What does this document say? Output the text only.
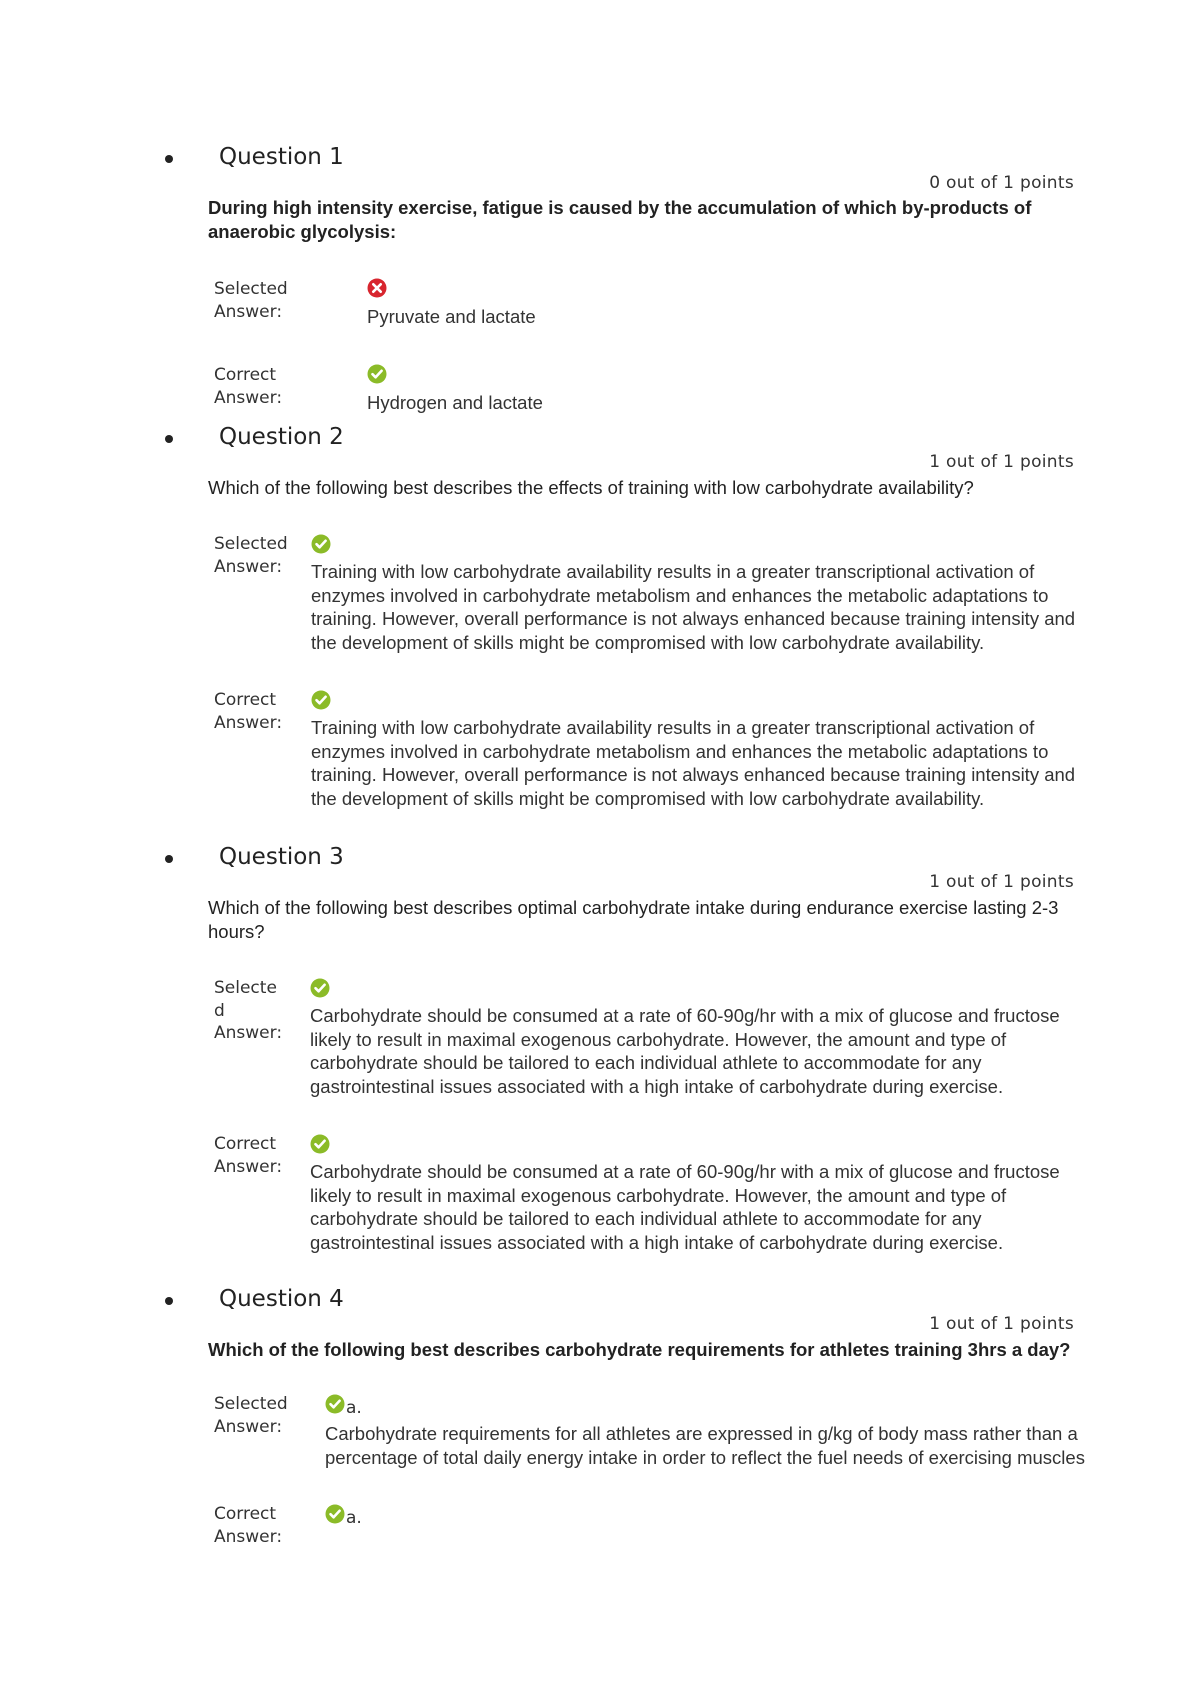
Question 1
0 out of 1 points
During high intensity exercise, fatigue is caused by the accumulation of which by-products of anaerobic glycolysis:
Selected
Answer:	Pyruvate and lactate
Correct
Answer:	Hydrogen and lactate
Question 2
1 out of 1 points
Which of the following best describes the effects of training with low carbohydrate availability?
Selected
Answer:	Training with low carbohydrate availability results in a greater transcriptional activation of enzymes involved in carbohydrate metabolism and enhances the metabolic adaptations to training. However, overall performance is not always enhanced because training intensity and the development of skills might be compromised with low carbohydrate availability.
Correct
Answer: Training with low carbohydrate availability results in a greater transcriptional activation of enzymes involved in carbohydrate metabolism and enhances the metabolic adaptations to training. However, overall performance is not always enhanced because training intensity and the development of skills might be compromised with low carbohydrate availability.
Question 3
1 out of 1 points
Which of the following best describes optimal carbohydrate intake during endurance exercise lasting 2-3 hours?
Selecte
d
Answer:
Carbohydrate should be consumed at a rate of 60-90g/hr with a mix of glucose and fructose likely to result in maximal exogenous carbohydrate. However, the amount and type of carbohydrate should be tailored to each individual athlete to accommodate for any gastrointestinal issues associated with a high intake of carbohydrate during exercise.
Correct
Answer: Carbohydrate should be consumed at a rate of 60-90g/hr with a mix of glucose and fructose likely to result in maximal exogenous carbohydrate. However, the amount and type of carbohydrate should be tailored to each individual athlete to accommodate for any gastrointestinal issues associated with a high intake of carbohydrate during exercise.
Question 4
1 out of 1 points
Which of the following best describes carbohydrate requirements for athletes training 3hrs a day?
Selected
Answer:
a.
Carbohydrate requirements for all athletes are expressed in g/kg of body mass rather than a percentage of total daily energy intake in order to reflect the fuel needs of exercising muscles
Correct
Answer:
a.
